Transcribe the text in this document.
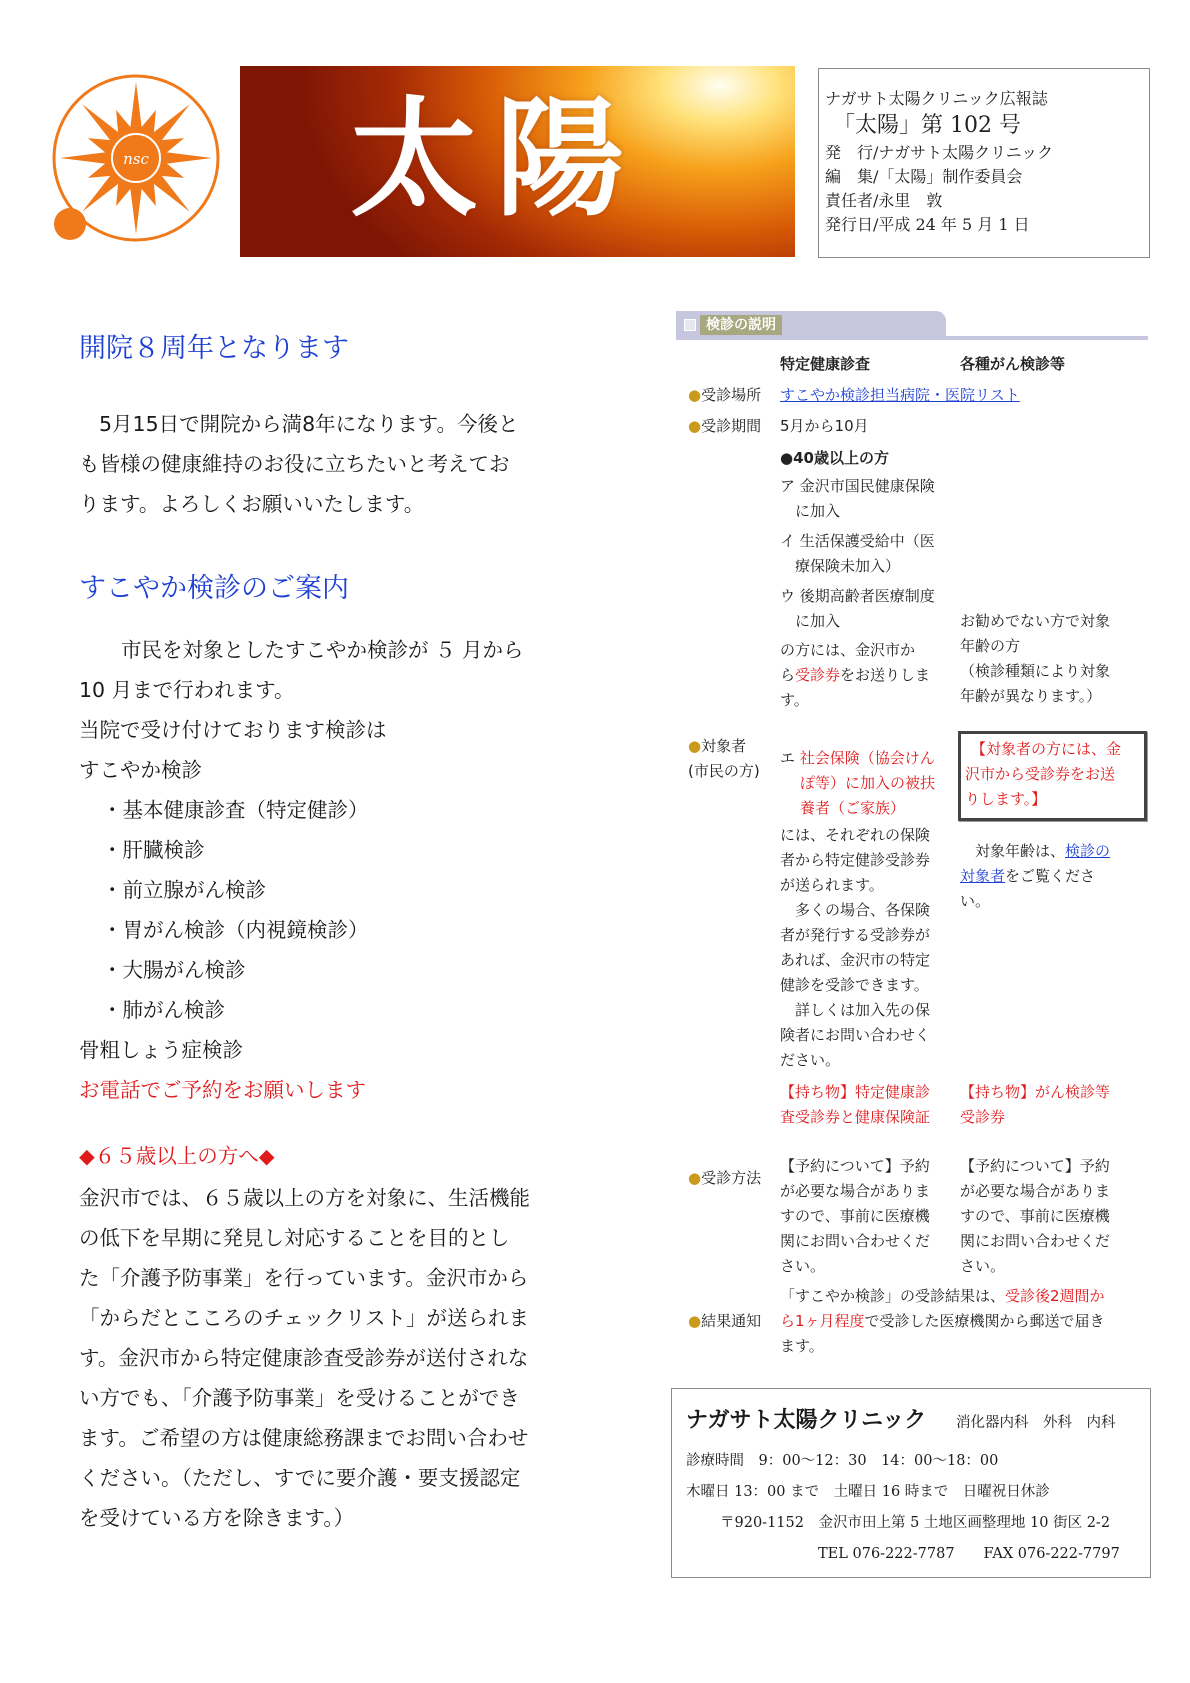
nsc 太陽	ナガサト太陽クリニック広報誌
「太陽」第 102 号
発　行/ナガサト太陽クリニック
編　集/「太陽」制作委員会
責任者/永里　敦
発行日/平成 24 年 5 月 1 日
開院８周年となります
5月15日で開院から満8年になります。今後と
も皆様の健康維持のお役に立ちたいと考えてお
ります。よろしくお願いいたします。
すこやか検診のご案内
市民を対象としたすこやか検診が ５ 月から
10 月まで行われます。
当院で受け付けております検診は
すこやか検診
・基本健康診査（特定健診）
・肝臓検診
・前立腺がん検診
・胃がん検診（内視鏡検診）
・大腸がん検診
・肺がん検診
骨粗しょう症検診
お電話でご予約をお願いします
◆６５歳以上の方へ◆
金沢市では、６５歳以上の方を対象に、生活機能
の低下を早期に発見し対応することを目的とし
た「介護予防事業」を行っています。金沢市から
「からだとこころのチェックリスト」が送られま
す。金沢市から特定健康診査受診券が送付されな
い方でも、「介護予防事業」を受けることができ
ます。ご希望の方は健康総務課までお問い合わせ
ください。（ただし、すでに要介護・要支援認定
を受けている方を除きます。）
検診の説明
特定健康診査	各種がん検診等
●受診場所 すこやか検診担当病院・医院リスト
●受診期間 5月から10月
●40歳以上の方
ア 金沢市国民健康保険
　に加入
イ 生活保護受給中（医
　療保険未加入）
ウ 後期高齢者医療制度
　に加入
の方には、金沢市か
ら受診券をお送りしま
す。
お勧めでない方で対象
年齢の方
（検診種類により対象
年齢が異なります。）
●対象者
(市民の方)
エ 社会保険（協会けん
ぽ等）に加入の被扶
養者（ご家族）
【対象者の方には、金
沢市から受診券をお送
りします。】
には、それぞれの保険
者から特定健診受診券
が送られます。
　多くの場合、各保険
者が発行する受診券が
あれば、金沢市の特定
健診を受診できます。
　詳しくは加入先の保
険者にお問い合わせく
ださい。
　対象年齢は、検診の
対象者をご覧くださ
い。
【持ち物】特定健康診
査受診券と健康保険証
【持ち物】がん検診等
受診券
●受診方法
【予約について】予約
が必要な場合がありま
すので、事前に医療機
関にお問い合わせくだ
さい。
【予約について】予約
が必要な場合がありま
すので、事前に医療機
関にお問い合わせくだ
さい。
「すこやか検診」の受診結果は、受診後2週間か
●結果通知 ら1ヶ月程度で受診した医療機関から郵送で届き
ます。
ナガサト太陽クリニック 消化器内科　外科　内科
診療時間　9：00〜12：30　14：00〜18：00
木曜日 13：00 まで　土曜日 16 時まで　日曜祝日休診
〒920-1152　金沢市田上第 5 土地区画整理地 10 街区 2-2
TEL 076-222-7787　　FAX 076-222-7797
